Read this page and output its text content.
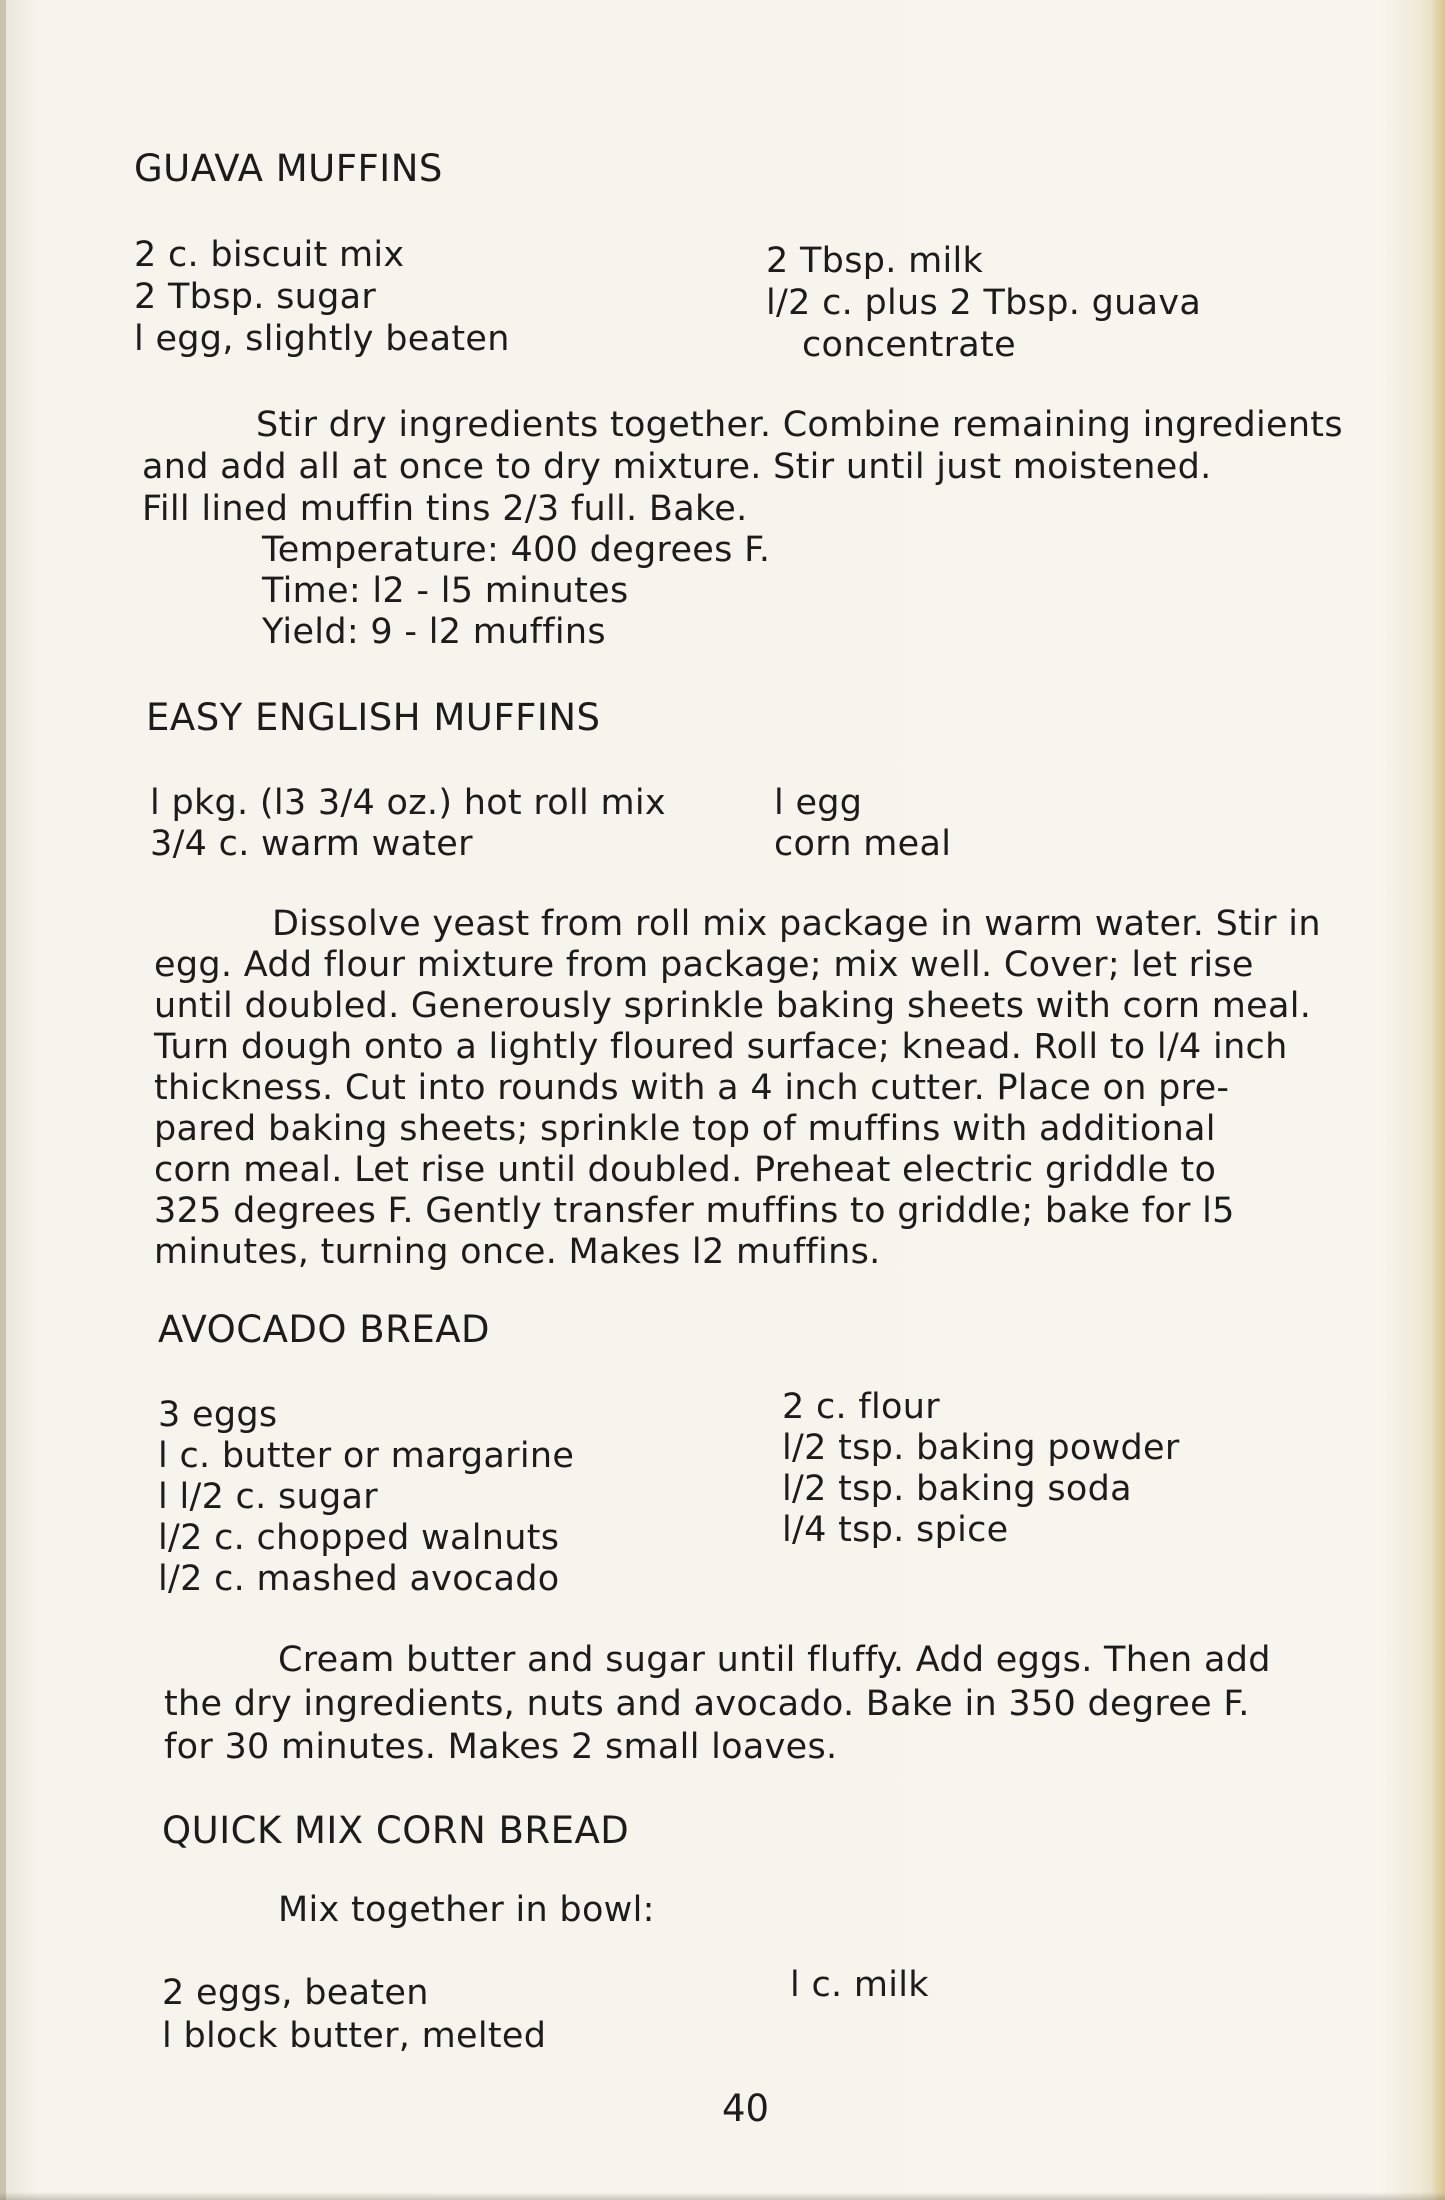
GUAVA MUFFINS
2 c. biscuit mix
2 Tbsp. sugar
l egg, slightly beaten
2 Tbsp. milk
l/2 c. plus 2 Tbsp. guava
concentrate
Stir dry ingredients together. Combine remaining ingredients
and add all at once to dry mixture. Stir until just moistened.
Fill lined muffin tins 2/3 full. Bake.
Temperature: 400 degrees F.
Time: l2 - l5 minutes
Yield: 9 - l2 muffins
EASY ENGLISH MUFFINS
l pkg. (l3 3/4 oz.) hot roll mix
3/4 c. warm water
l egg
corn meal
Dissolve yeast from roll mix package in warm water. Stir in
egg. Add flour mixture from package; mix well. Cover; let rise
until doubled. Generously sprinkle baking sheets with corn meal.
Turn dough onto a lightly floured surface; knead. Roll to l/4 inch
thickness. Cut into rounds with a 4 inch cutter. Place on pre-
pared baking sheets; sprinkle top of muffins with additional
corn meal. Let rise until doubled. Preheat electric griddle to
325 degrees F. Gently transfer muffins to griddle; bake for l5
minutes, turning once. Makes l2 muffins.
AVOCADO BREAD
3 eggs
l c. butter or margarine
l l/2 c. sugar
l/2 c. chopped walnuts
l/2 c. mashed avocado
2 c. flour
l/2 tsp. baking powder
l/2 tsp. baking soda
l/4 tsp. spice
Cream butter and sugar until fluffy. Add eggs. Then add
the dry ingredients, nuts and avocado. Bake in 350 degree F.
for 30 minutes. Makes 2 small loaves.
QUICK MIX CORN BREAD
Mix together in bowl:
2 eggs, beaten
l block butter, melted
l c. milk
40
